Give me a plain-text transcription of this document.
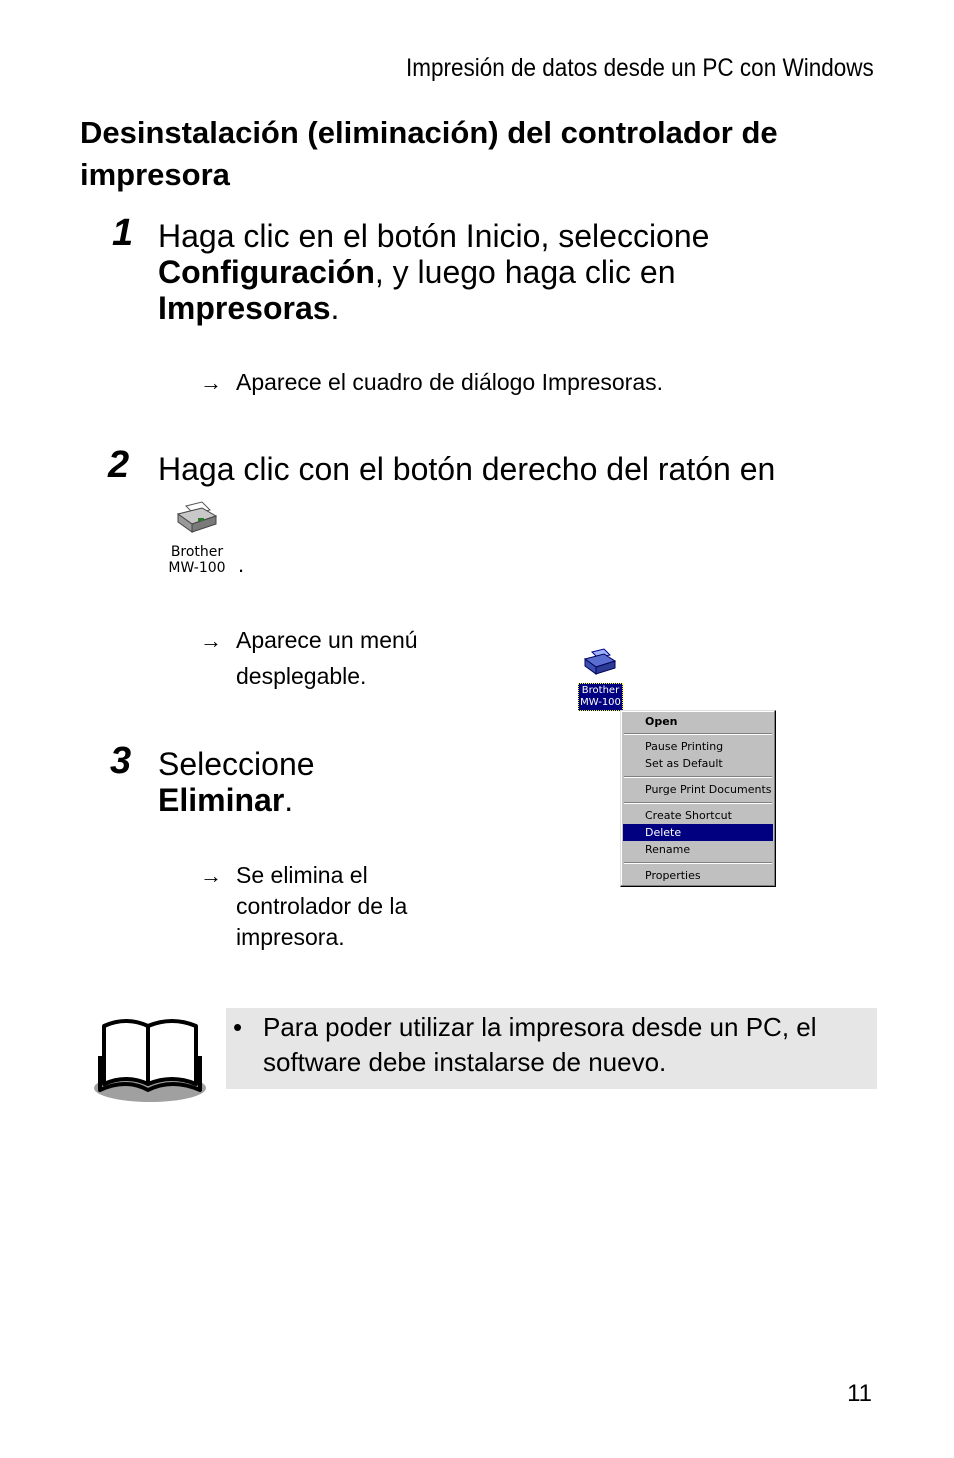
Impresión de datos desde un PC con Windows
Desinstalación (eliminación) del controlador de impresora
1 Haga clic en el botón Inicio, seleccione
Configuración, y luego haga clic en
Impresoras.
→ Aparece el cuadro de diálogo Impresoras.
2 Haga clic con el botón derecho del ratón en
Brother
MW-100 .
→ Aparece un menú
desplegable.
3 Seleccione
Eliminar.
→ Se elimina el
controlador de la
impresora.
Brother
MW-100
Open
Pause Printing
Set as Default
Purge Print Documents
Create Shortcut
Delete
Rename
Properties
• Para poder utilizar la impresora desde un PC, el software debe instalarse de nuevo.
11
